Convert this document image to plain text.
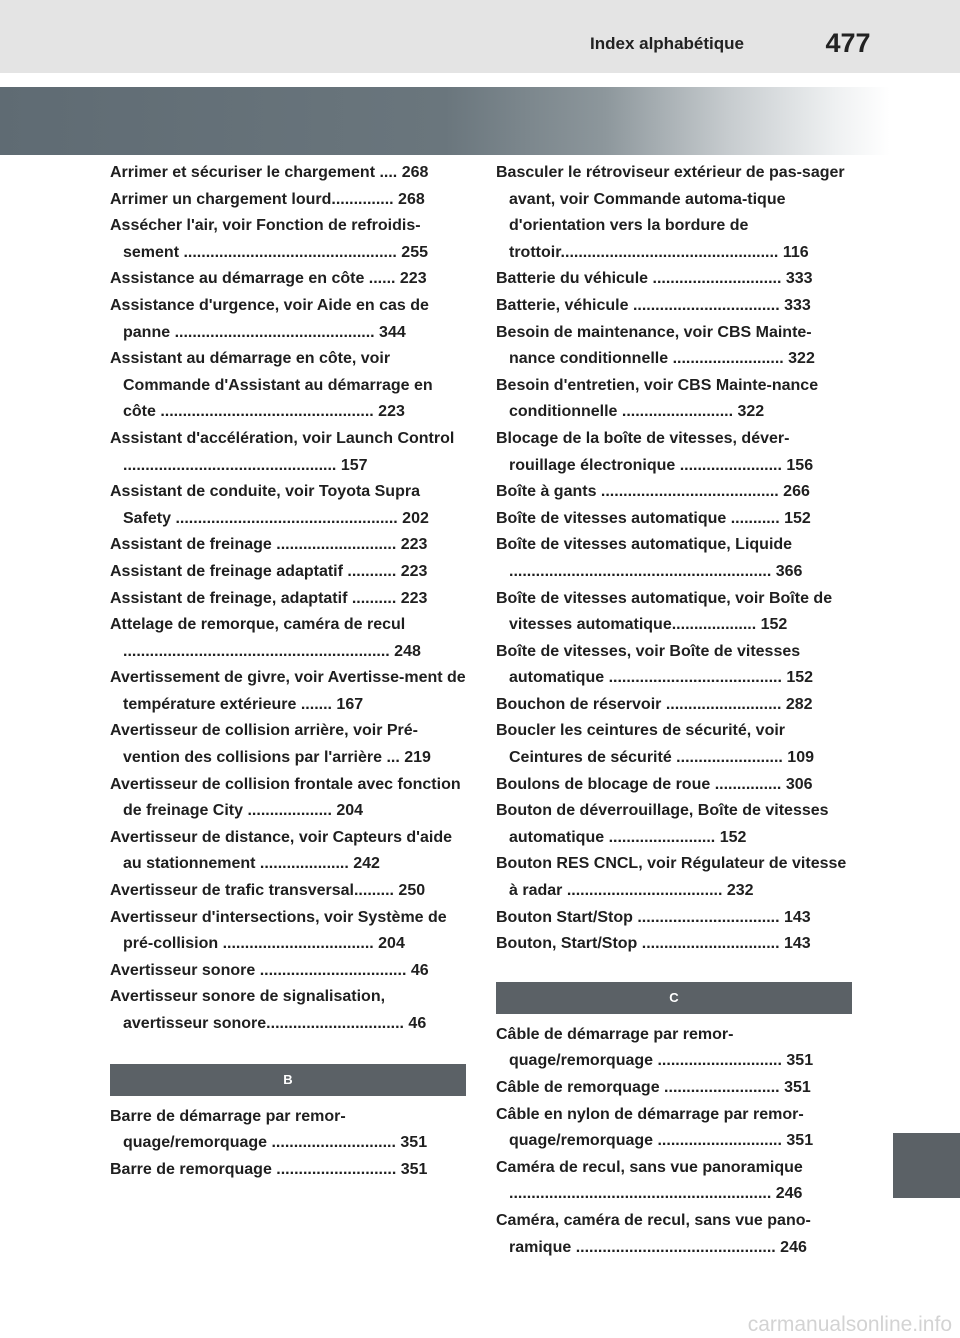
Index alphabétique	477

Arrimer et sécuriser le chargement .... 268

Arrimer un chargement lourd.............. 268

Assécher l'air, voir Fonction de refroidis-sement ................................................ 255

Assistance au démarrage en côte ...... 223

Assistance d'urgence, voir Aide en cas de panne ............................................. 344

Assistant au démarrage en côte, voir Commande d'Assistant au démarrage en côte ................................................ 223

Assistant d'accélération, voir Launch Control ................................................ 157

Assistant de conduite, voir Toyota Supra Safety .................................................. 202

Assistant de freinage ........................... 223

Assistant de freinage adaptatif ........... 223

Assistant de freinage, adaptatif .......... 223

Attelage de remorque, caméra de recul ............................................................ 248

Avertissement de givre, voir Avertisse-ment de température extérieure ....... 167

Avertisseur de collision arrière, voir Pré-vention des collisions par l'arrière ... 219

Avertisseur de collision frontale avec fonction de freinage City ................... 204

Avertisseur de distance, voir Capteurs d'aide au stationnement .................... 242

Avertisseur de trafic transversal......... 250

Avertisseur d'intersections, voir Système de pré-collision .................................. 204

Avertisseur sonore ................................. 46

Avertisseur sonore de signalisation, avertisseur sonore............................... 46

B

Barre de démarrage par remor-quage/remorquage ............................ 351

Barre de remorquage ........................... 351

Basculer le rétroviseur extérieur de pas-sager avant, voir Commande automa-tique d'orientation vers la bordure de trottoir................................................. 116

Batterie du véhicule ............................. 333

Batterie, véhicule ................................. 333

Besoin de maintenance, voir CBS Mainte-nance conditionnelle ......................... 322

Besoin d'entretien, voir CBS Mainte-nance conditionnelle ......................... 322

Blocage de la boîte de vitesses, déver-rouillage électronique ....................... 156

Boîte à gants ........................................ 266

Boîte de vitesses automatique ........... 152

Boîte de vitesses automatique, Liquide ........................................................... 366

Boîte de vitesses automatique, voir Boîte de vitesses automatique................... 152

Boîte de vitesses, voir Boîte de vitesses automatique ....................................... 152

Bouchon de réservoir .......................... 282

Boucler les ceintures de sécurité, voir Ceintures de sécurité ........................ 109

Boulons de blocage de roue ............... 306

Bouton de déverrouillage, Boîte de vitesses automatique ........................ 152

Bouton RES CNCL, voir Régulateur de vitesse à radar ................................... 232

Bouton Start/Stop ................................ 143

Bouton, Start/Stop ............................... 143

C

Câble de démarrage par remor-quage/remorquage ............................ 351

Câble de remorquage .......................... 351

Câble en nylon de démarrage par remor-quage/remorquage ............................ 351

Caméra de recul, sans vue panoramique ........................................................... 246

Caméra, caméra de recul, sans vue pano-ramique ............................................. 246

carmanualsonline.info
